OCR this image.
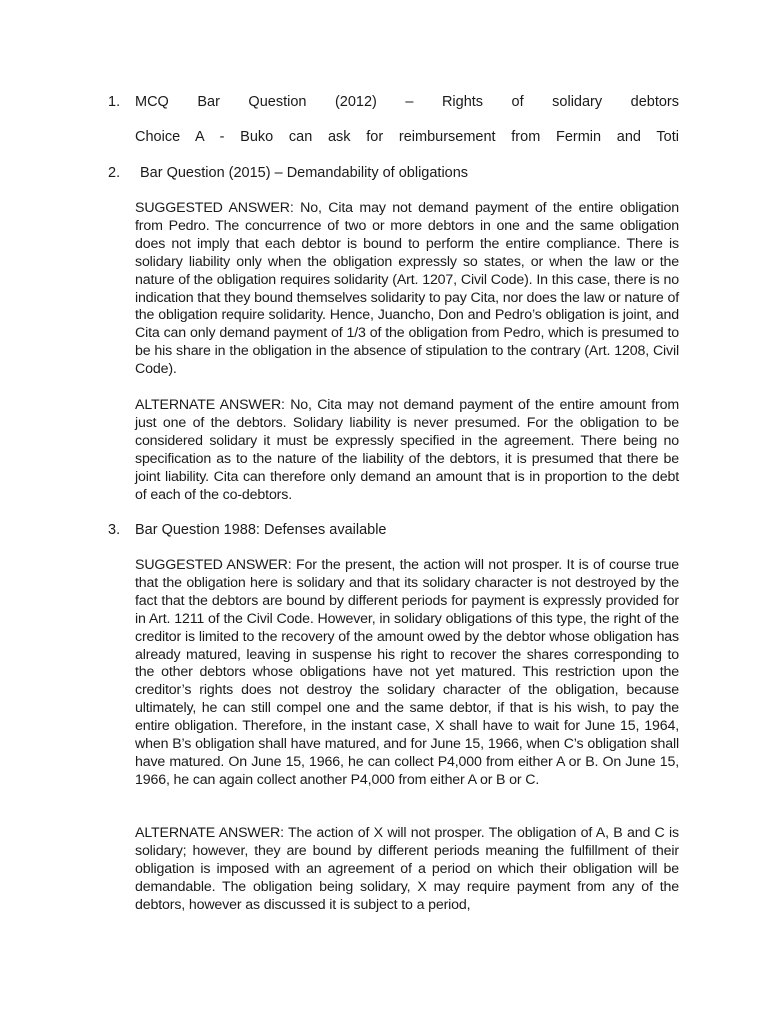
1. MCQ Bar Question (2012) – Rights of solidary debtors
Choice A - Buko can ask for reimbursement from Fermin and Toti
2. Bar Question (2015) – Demandability of obligations
SUGGESTED ANSWER: No, Cita may not demand payment of the entire obligation from Pedro. The concurrence of two or more debtors in one and the same obligation does not imply that each debtor is bound to perform the entire compliance. There is solidary liability only when the obligation expressly so states, or when the law or the nature of the obligation requires solidarity (Art. 1207, Civil Code). In this case, there is no indication that they bound themselves solidarity to pay Cita, nor does the law or nature of the obligation require solidarity. Hence, Juancho, Don and Pedro’s obligation is joint, and Cita can only demand payment of 1/3 of the obligation from Pedro, which is presumed to be his share in the obligation in the absence of stipulation to the contrary (Art. 1208, Civil Code).
ALTERNATE ANSWER: No, Cita may not demand payment of the entire amount from just one of the debtors. Solidary liability is never presumed. For the obligation to be considered solidary it must be expressly specified in the agreement. There being no specification as to the nature of the liability of the debtors, it is presumed that there be joint liability. Cita can therefore only demand an amount that is in proportion to the debt of each of the co-debtors.
3. Bar Question 1988: Defenses available
SUGGESTED ANSWER: For the present, the action will not prosper. It is of course true that the obligation here is solidary and that its solidary character is not destroyed by the fact that the debtors are bound by different periods for payment is expressly provided for in Art. 1211 of the Civil Code. However, in solidary obligations of this type, the right of the creditor is limited to the recovery of the amount owed by the debtor whose obligation has already matured, leaving in suspense his right to recover the shares corresponding to the other debtors whose obligations have not yet matured. This restriction upon the creditor’s rights does not destroy the solidary character of the obligation, because ultimately, he can still compel one and the same debtor, if that is his wish, to pay the entire obligation. Therefore, in the instant case, X shall have to wait for June 15, 1964, when B’s obligation shall have matured, and for June 15, 1966, when C’s obligation shall have matured. On June 15, 1966, he can collect P4,000 from either A or B. On June 15, 1966, he can again collect another P4,000 from either A or B or C.
ALTERNATE ANSWER: The action of X will not prosper. The obligation of A, B and C is solidary; however, they are bound by different periods meaning the fulfillment of their obligation is imposed with an agreement of a period on which their obligation will be demandable. The obligation being solidary, X may require payment from any of the debtors, however as discussed it is subject to a period,
